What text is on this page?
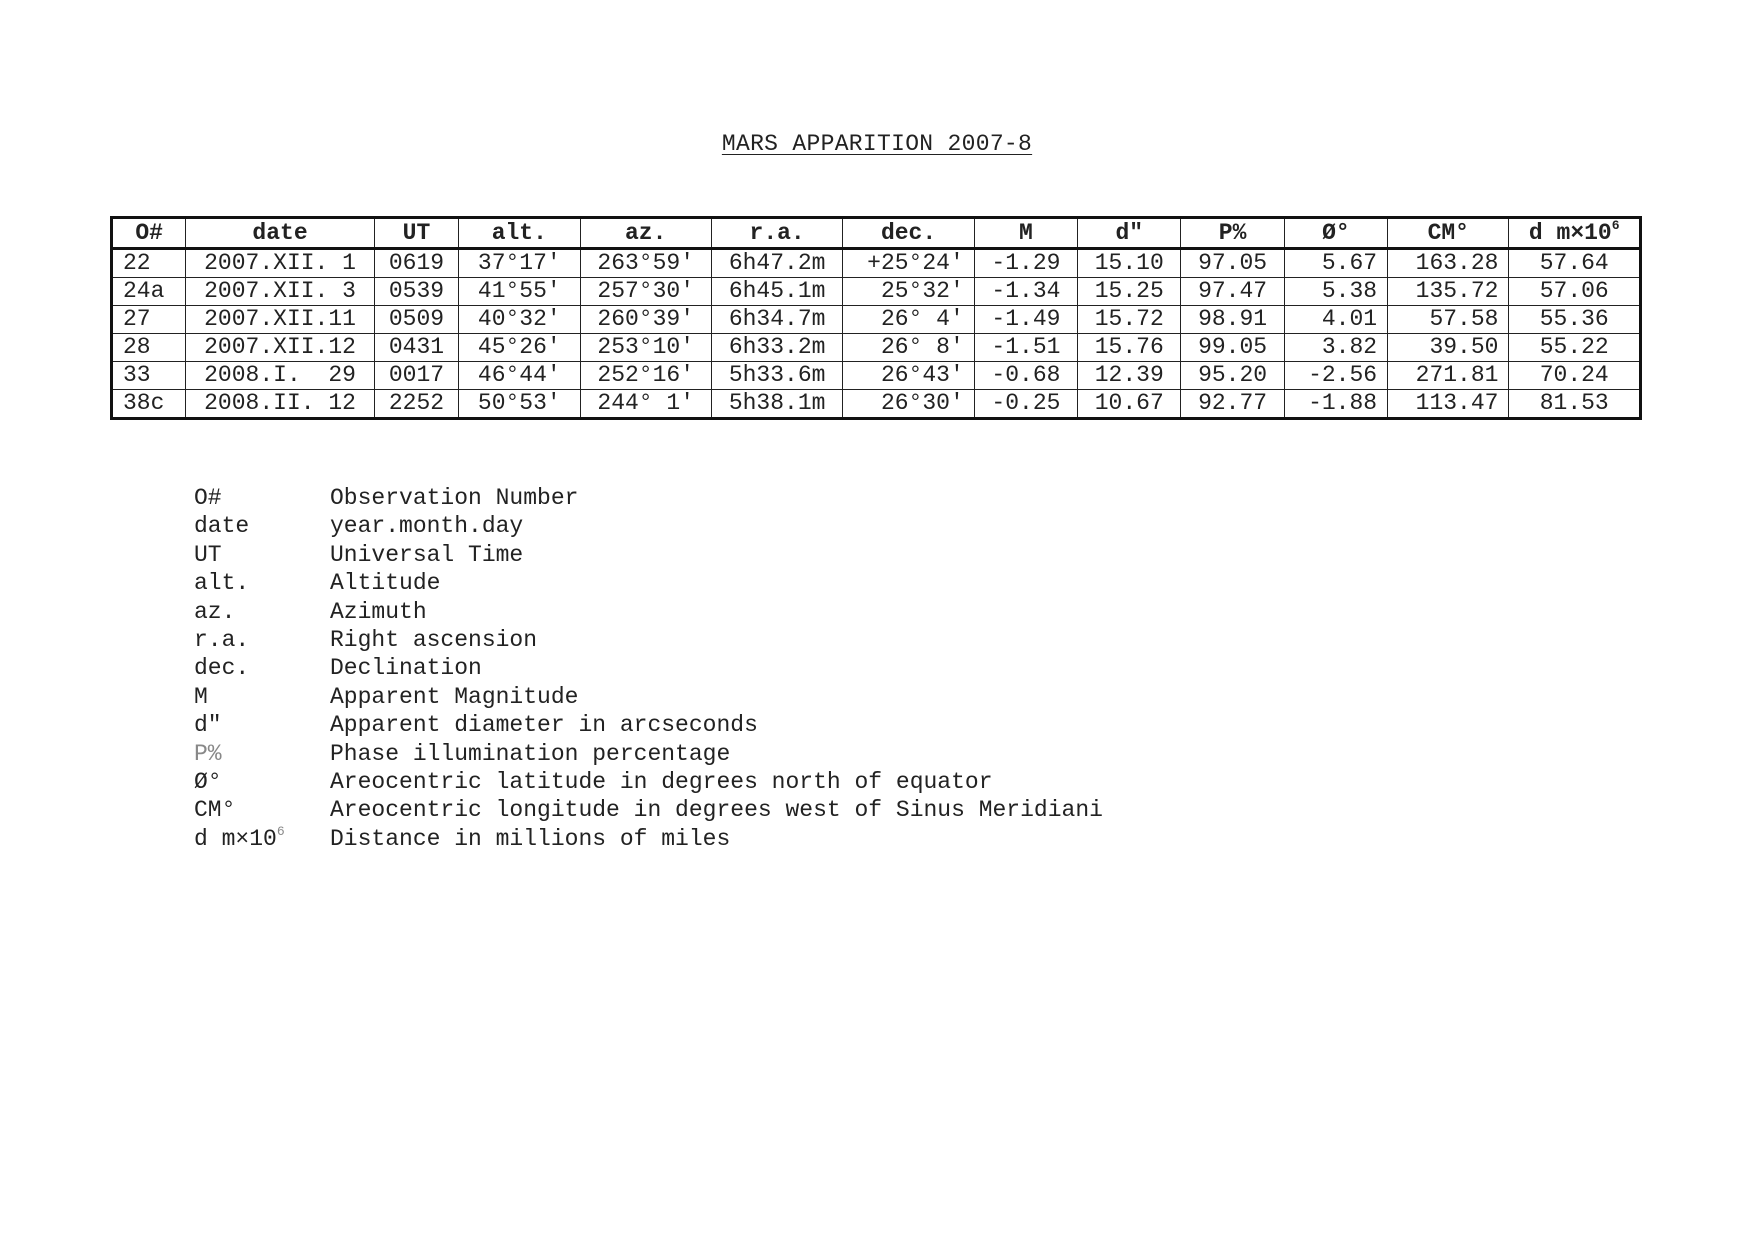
MARS APPARITION 2007-8
O#	date	UT	alt.	az.	r.a.	dec.	M	d"	P%	Ø°	CM°	d $m\times 10^6$
22	2007.XII. 1	0619	37°17'	263°59'	6h47.2m	+25°24'	-1.29	15.10	97.05	5.67	163.28	57.64
24a	2007.XII. 3	0539	41°55'	257°30'	6h45.1m	25°32'	-1.34	15.25	97.47	5.38	135.72	57.06
27	2007.XII.11	0509	40°32'	260°39'	6h34.7m	26° 4'	-1.49	15.72	98.91	4.01	57.58	55.36
28	2007.XII.12	0431	45°26'	253°10'	6h33.2m	26° 8'	-1.51	15.76	99.05	3.82	39.50	55.22
33	2008.I.  29	0017	46°44'	252°16'	5h33.6m	26°43'	-0.68	12.39	95.20	-2.56	271.81	70.24
38c	2008.II. 12	2252	50°53'	244° 1'	5h38.1m	26°30'	-0.25	10.67	92.77	-1.88	113.47	81.53
O#	Observation Number
date	year.month.day
UT	Universal Time
alt.	Altitude
az.	Azimuth
r.a.	Right ascension
dec.	Declination
M	Apparent Magnitude
d"	Apparent diameter in arcseconds
P%	Phase illumination percentage
Ø°	Areocentric latitude in degrees north of equator
CM°	Areocentric longitude in degrees west of Sinus Meridiani
d $m\times 10^6$	Distance in millions of miles
